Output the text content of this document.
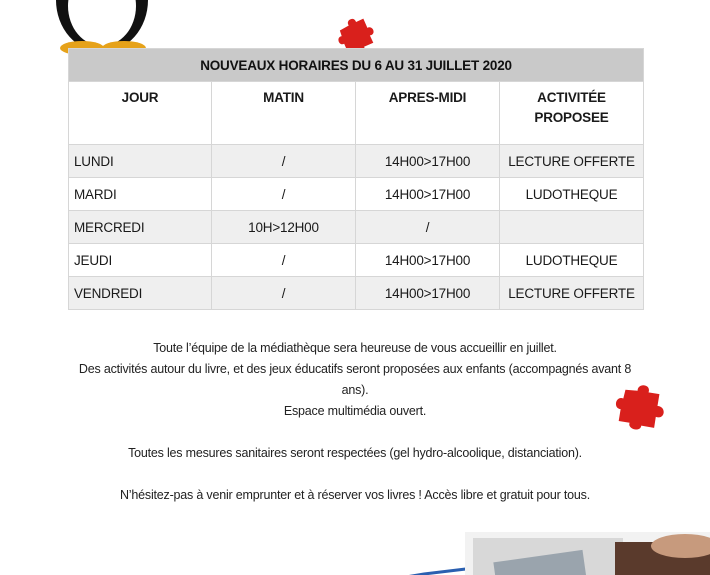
NOUVEAUX HORAIRES DU 6 AU 31 JUILLET 2020			
JOUR	MATIN	APRES-MIDI	ACTIVITÉE
PROPOSEE
LUNDI	/	14H00>17H00	LECTURE OFFERTE
MARDI	/	14H00>17H00	LUDOTHEQUE
MERCREDI	10H>12H00	/	
JEUDI	/	14H00>17H00	LUDOTHEQUE
VENDREDI	/	14H00>17H00	LECTURE OFFERTE

Toute l’équipe de la médiathèque sera heureuse de vous accueillir en juillet.

Des activités autour du livre, et des jeux éducatifs seront proposées aux enfants (accompagnés avant 8

ans).

Espace multimédia ouvert.

Toutes les mesures sanitaires seront respectées (gel hydro-alcoolique, distanciation).

N’hésitez-pas à venir emprunter et à réserver vos livres ! Accès libre et gratuit pour tous.
